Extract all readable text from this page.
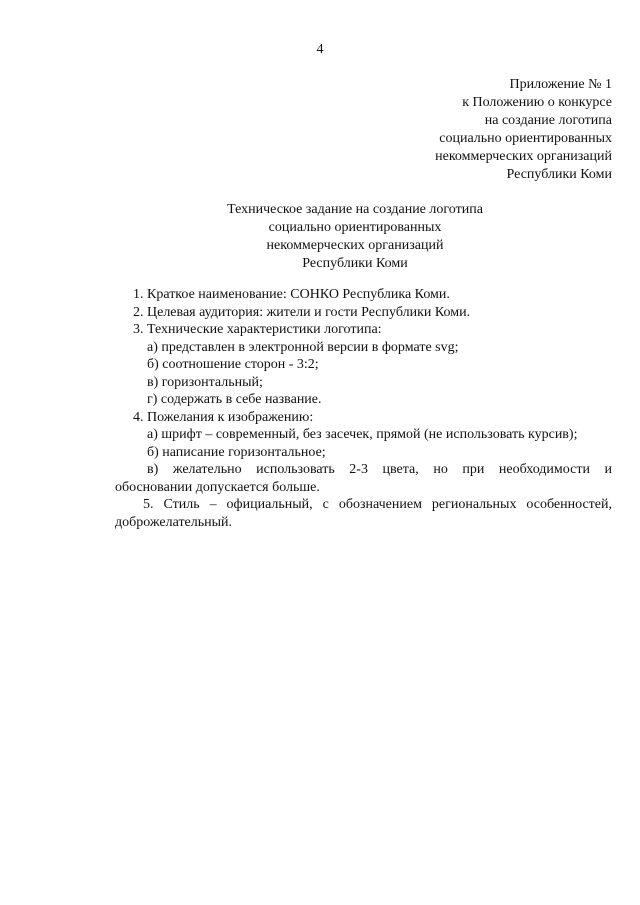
4
Приложение № 1
к Положению о конкурсе
на создание логотипа
социально ориентированных
некоммерческих организаций
Республики Коми
Техническое задание на создание логотипа
социально ориентированных
некоммерческих организаций
Республики Коми
1. Краткое наименование: СОНКО Республика Коми.
2. Целевая аудитория: жители и гости Республики Коми.
3. Технические характеристики логотипа:
а) представлен в электронной версии в формате svg;
б) соотношение сторон - 3:2;
в) горизонтальный;
г) содержать в себе название.
4. Пожелания к изображению:
а) шрифт – современный, без засечек, прямой (не использовать курсив);
б) написание горизонтальное;
в) желательно использовать 2-3 цвета, но при необходимости и
обосновании допускается больше.
5. Стиль – официальный, с обозначением региональных особенностей,
доброжелательный.
